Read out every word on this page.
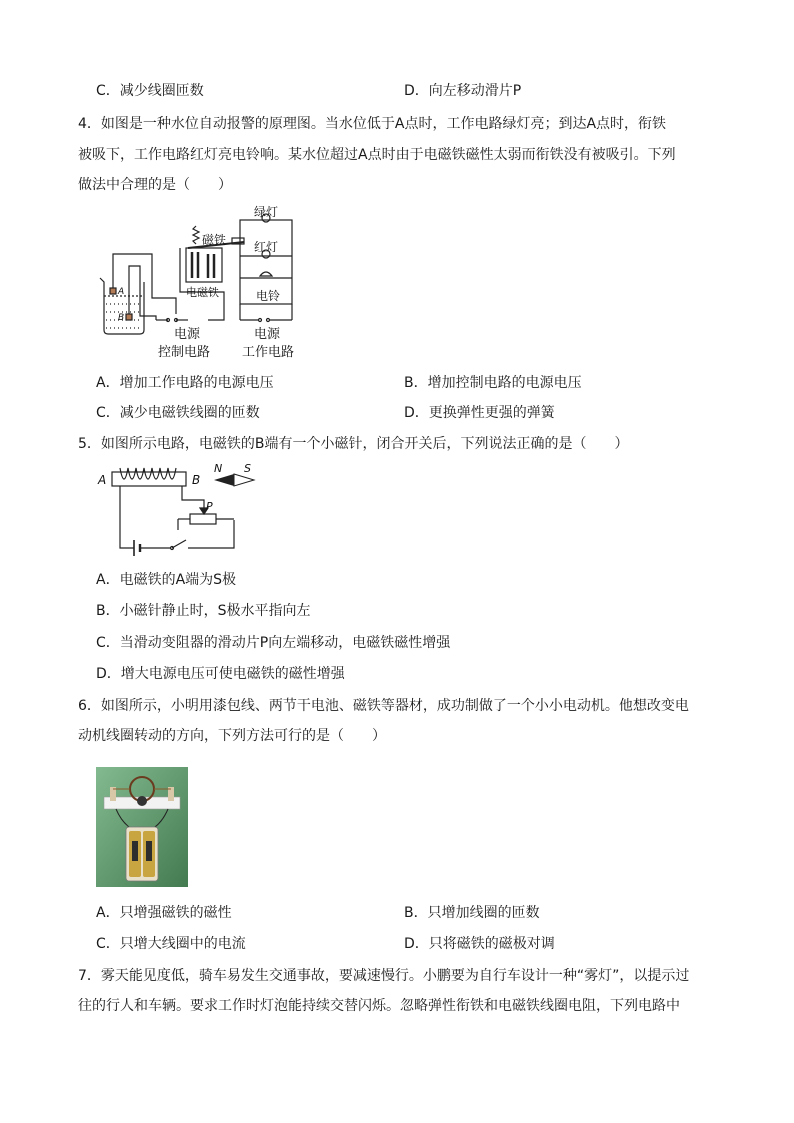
C．减少线圈匝数	D．向左移动滑片P
4．如图是一种水位自动报警的原理图。当水位低于A点时，工作电路绿灯亮；到达A点时，衔铁
被吸下，工作电路红灯亮电铃响。某水位超过A点时由于电磁铁磁性太弱而衔铁没有被吸引。下列
做法中合理的是（　　）
磁铁
绿灯
红灯
电磁铁	电铃
A
B
电源
控制电路
电源
工作电路
A．增加工作电路的电源电压	B．增加控制电路的电源电压
C．减少电磁铁线圈的匝数	D．更换弹性更强的弹簧
5．如图所示电路，电磁铁的B端有一个小磁针，闭合开关后，下列说法正确的是（　　）
A	B
N S
P
A．电磁铁的A端为S极
B．小磁针静止时，S极水平指向左
C．当滑动变阻器的滑动片P向左端移动，电磁铁磁性增强
D．增大电源电压可使电磁铁的磁性增强
6．如图所示，小明用漆包线、两节干电池、磁铁等器材，成功制做了一个小小电动机。他想改变电
动机线圈转动的方向，下列方法可行的是（　　）
A．只增强磁铁的磁性	B．只增加线圈的匝数
C．只增大线圈中的电流	D．只将磁铁的磁极对调
7．雾天能见度低，骑车易发生交通事故，要减速慢行。小鹏要为自行车设计一种“雾灯”，以提示过
往的行人和车辆。要求工作时灯泡能持续交替闪烁。忽略弹性衔铁和电磁铁线圈电阻，下列电路中
